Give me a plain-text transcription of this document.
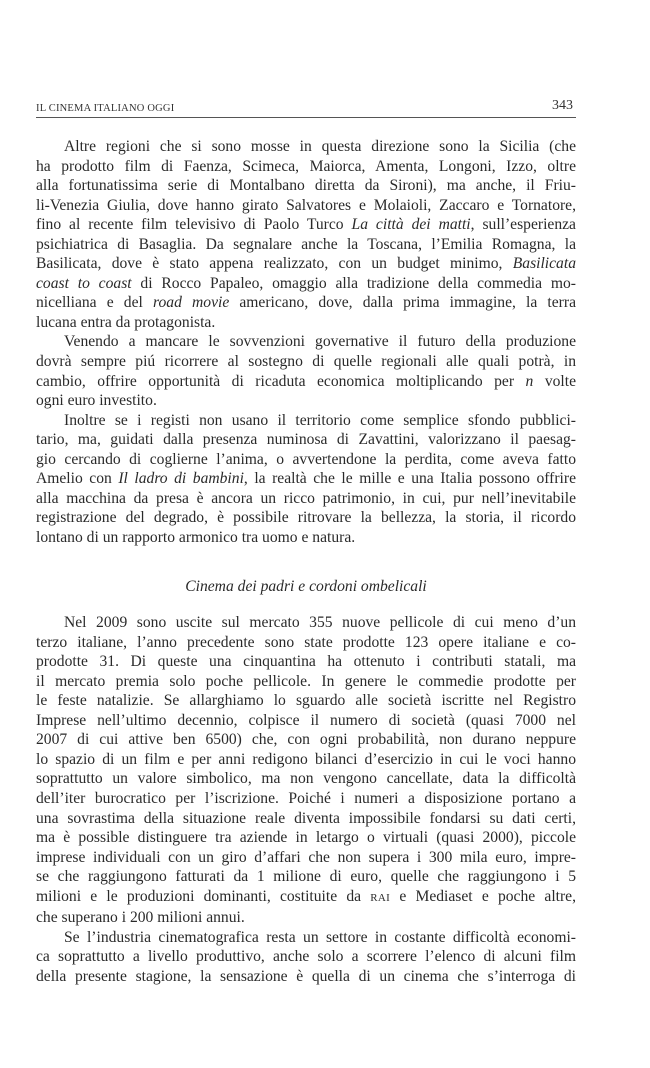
IL CINEMA ITALIANO OGGI	343

Altre regioni che si sono mosse in questa direzione sono la Sicilia (che
ha prodotto film di Faenza, Scimeca, Maiorca, Amenta, Longoni, Izzo, oltre
alla fortunatissima serie di Montalbano diretta da Sironi), ma anche, il Friu-
li-Venezia Giulia, dove hanno girato Salvatores e Molaioli, Zaccaro e Tornatore,
fino al recente film televisivo di Paolo Turco La città dei matti, sull’esperienza
psichiatrica di Basaglia. Da segnalare anche la Toscana, l’Emilia Romagna, la
Basilicata, dove è stato appena realizzato, con un budget minimo, Basilicata
coast to coast di Rocco Papaleo, omaggio alla tradizione della commedia mo-
nicelliana e del road movie americano, dove, dalla prima immagine, la terra
lucana entra da protagonista.

Venendo a mancare le sovvenzioni governative il futuro della produzione
dovrà sempre piú ricorrere al sostegno di quelle regionali alle quali potrà, in
cambio, offrire opportunità di ricaduta economica moltiplicando per n volte
ogni euro investito.

Inoltre se i registi non usano il territorio come semplice sfondo pubblici-
tario, ma, guidati dalla presenza numinosa di Zavattini, valorizzano il paesag-
gio cercando di coglierne l’anima, o avvertendone la perdita, come aveva fatto
Amelio con Il ladro di bambini, la realtà che le mille e una Italia possono offrire
alla macchina da presa è ancora un ricco patrimonio, in cui, pur nell’inevitabile
registrazione del degrado, è possibile ritrovare la bellezza, la storia, il ricordo
lontano di un rapporto armonico tra uomo e natura.

Cinema dei padri e cordoni ombelicali

Nel 2009 sono uscite sul mercato 355 nuove pellicole di cui meno d’un
terzo italiane, l’anno precedente sono state prodotte 123 opere italiane e co-
prodotte 31. Di queste una cinquantina ha ottenuto i contributi statali, ma
il mercato premia solo poche pellicole. In genere le commedie prodotte per
le feste natalizie. Se allarghiamo lo sguardo alle società iscritte nel Registro
Imprese nell’ultimo decennio, colpisce il numero di società (quasi 7000 nel
2007 di cui attive ben 6500) che, con ogni probabilità, non durano neppure
lo spazio di un film e per anni redigono bilanci d’esercizio in cui le voci hanno
soprattutto un valore simbolico, ma non vengono cancellate, data la difficoltà
dell’iter burocratico per l’iscrizione. Poiché i numeri a disposizione portano a
una sovrastima della situazione reale diventa impossibile fondarsi su dati certi,
ma è possible distinguere tra aziende in letargo o virtuali (quasi 2000), piccole
imprese individuali con un giro d’affari che non supera i 300 mila euro, impre-
se che raggiungono fatturati da 1 milione di euro, quelle che raggiungono i 5
milioni e le produzioni dominanti, costituite da RAI e Mediaset e poche altre,
che superano i 200 milioni annui.

Se l’industria cinematografica resta un settore in costante difficoltà economi-
ca soprattutto a livello produttivo, anche solo a scorrere l’elenco di alcuni film
della presente stagione, la sensazione è quella di un cinema che s’interroga di
